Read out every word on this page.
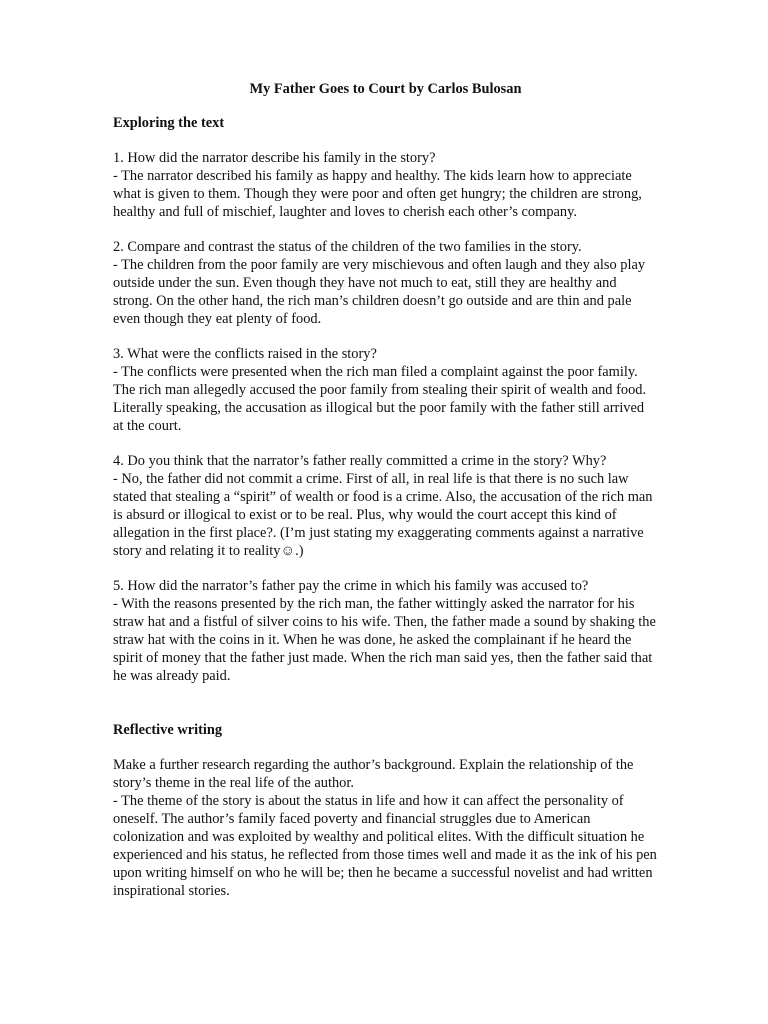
My Father Goes to Court by Carlos Bulosan

Exploring the text

1. How did the narrator describe his family in the story?

- The narrator described his family as happy and healthy. The kids learn how to appreciate what is given to them. Though they were poor and often get hungry; the children are strong, healthy and full of mischief, laughter and loves to cherish each other’s company.

2. Compare and contrast the status of the children of the two families in the story.

- The children from the poor family are very mischievous and often laugh and they also play outside under the sun. Even though they have not much to eat, still they are healthy and strong. On the other hand, the rich man’s children doesn’t go outside and are thin and pale even though they eat plenty of food.

3. What were the conflicts raised in the story?

- The conflicts were presented when the rich man filed a complaint against the poor family. The rich man allegedly accused the poor family from stealing their spirit of wealth and food. Literally speaking, the accusation as illogical but the poor family with the father still arrived at the court.

4. Do you think that the narrator’s father really committed a crime in the story? Why?

- No, the father did not commit a crime. First of all, in real life is that there is no such law stated that stealing a “spirit” of wealth or food is a crime. Also, the accusation of the rich man is absurd or illogical to exist or to be real. Plus, why would the court accept this kind of allegation in the first place?. (I’m just stating my exaggerating comments against a narrative story and relating it to reality☺.)

5. How did the narrator’s father pay the crime in which his family was accused to?

- With the reasons presented by the rich man, the father wittingly asked the narrator for his straw hat and a fistful of silver coins to his wife. Then, the father made a sound by shaking the straw hat with the coins in it. When he was done, he asked the complainant if he heard the spirit of money that the father just made. When the rich man said yes, then the father said that he was already paid.

Reflective writing

Make a further research regarding the author’s background. Explain the relationship of the story’s theme in the real life of the author.

- The theme of the story is about the status in life and how it can affect the personality of oneself. The author’s family faced poverty and financial struggles due to American colonization and was exploited by wealthy and political elites. With the difficult situation he experienced and his status, he reflected from those times well and made it as the ink of his pen upon writing himself on who he will be; then he became a successful novelist and had written inspirational stories.
